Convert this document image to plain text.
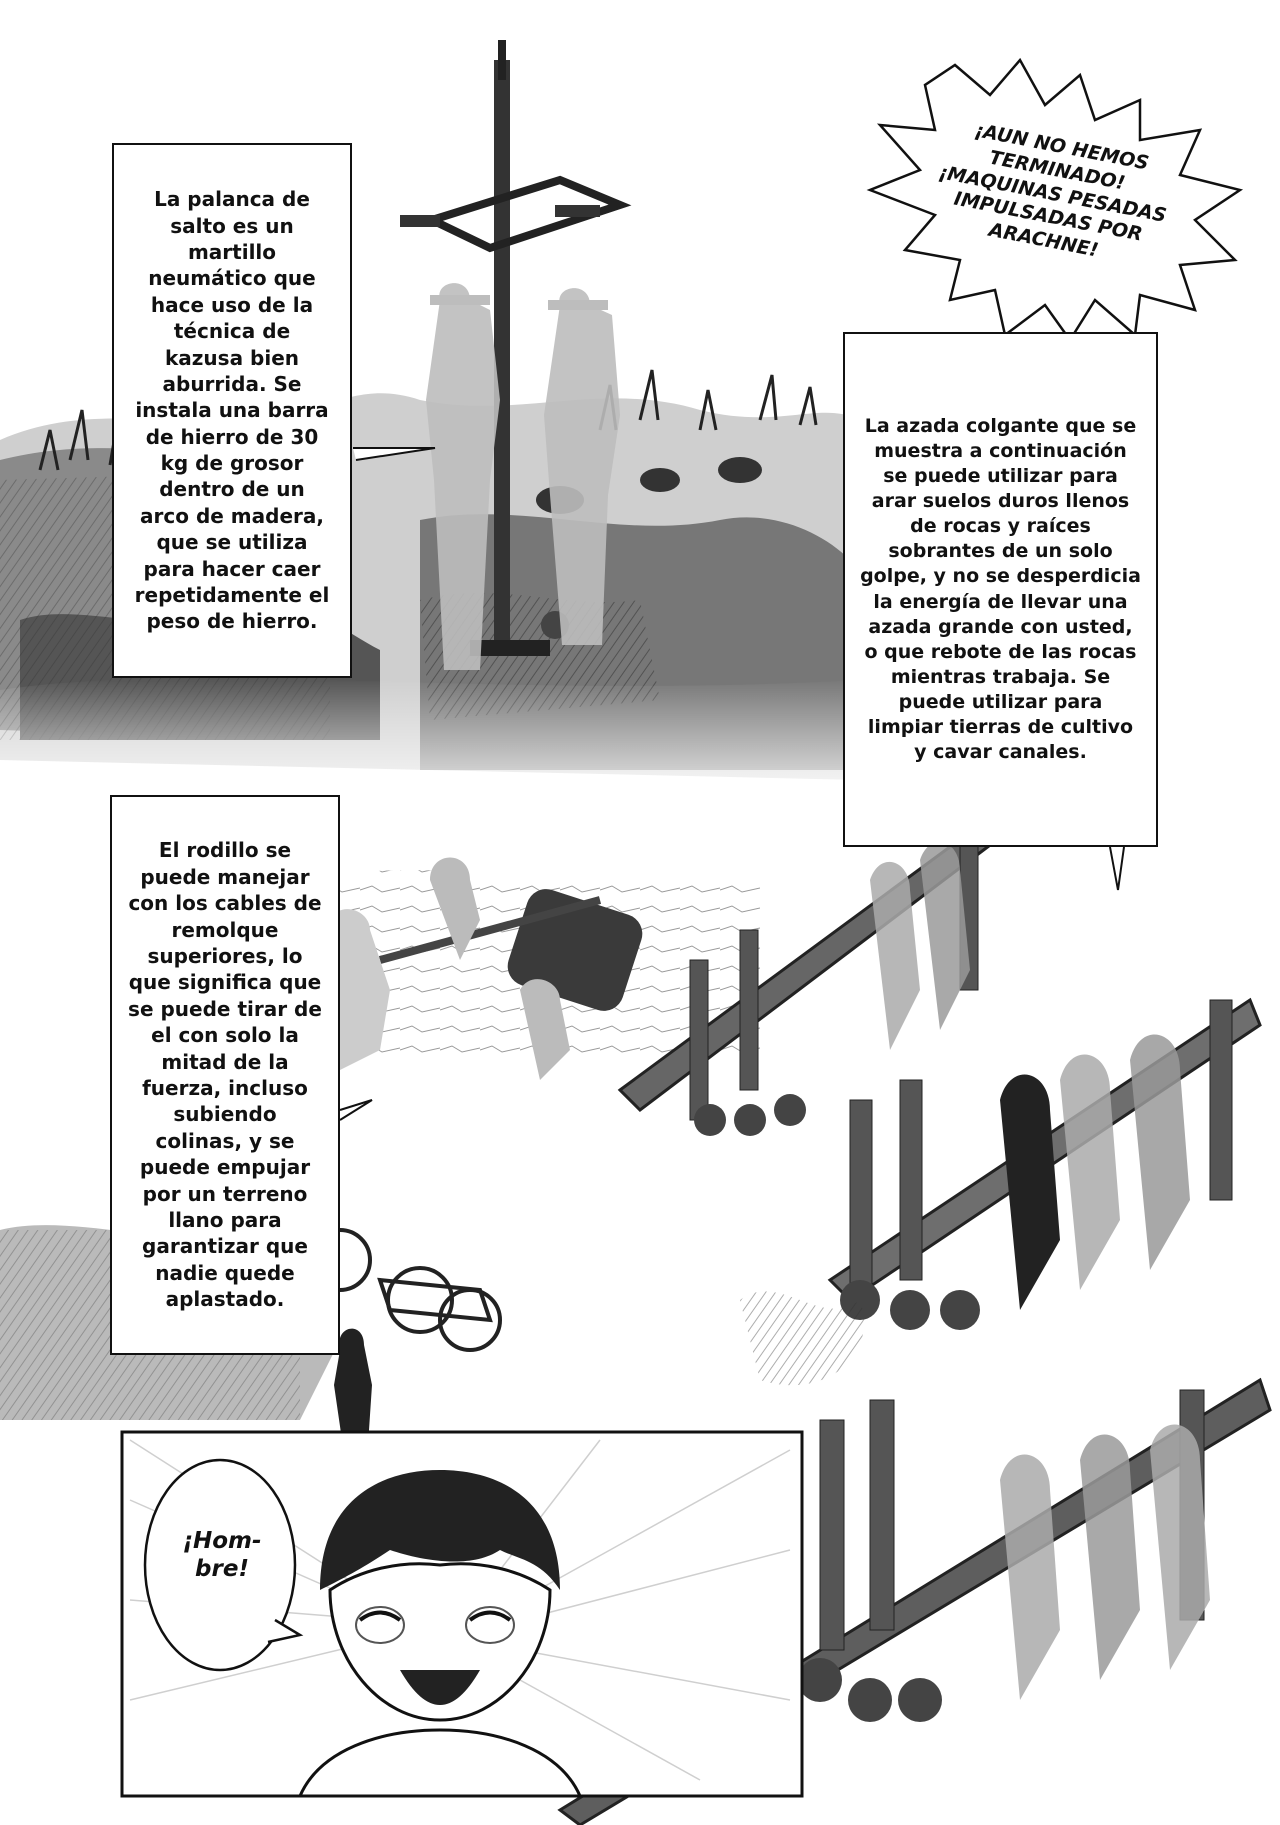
La palanca de salto es un martillo neumático que hace uso de la técnica de kazusa bien aburrida. Se instala una barra de hierro de 30 kg de grosor dentro de un arco de madera, que se utiliza para hacer caer repetidamente el peso de hierro.

¡AUN NO HEMOS TERMINADO! ¡MAQUINAS PESADAS IMPULSADAS POR ARACHNE!

La azada colgante que se muestra a continuación se puede utilizar para arar suelos duros llenos de rocas y raíces sobrantes de un solo golpe, y no se desperdicia la energía de llevar una azada grande con usted, o que rebote de las rocas mientras trabaja. Se puede utilizar para limpiar tierras de cultivo y cavar canales.

El rodillo se puede manejar con los cables de remolque superiores, lo que significa que se puede tirar de el con solo la mitad de la fuerza, incluso subiendo colinas, y se puede empujar por un terreno llano para garantizar que nadie quede aplastado.

¡Hom-bre!
